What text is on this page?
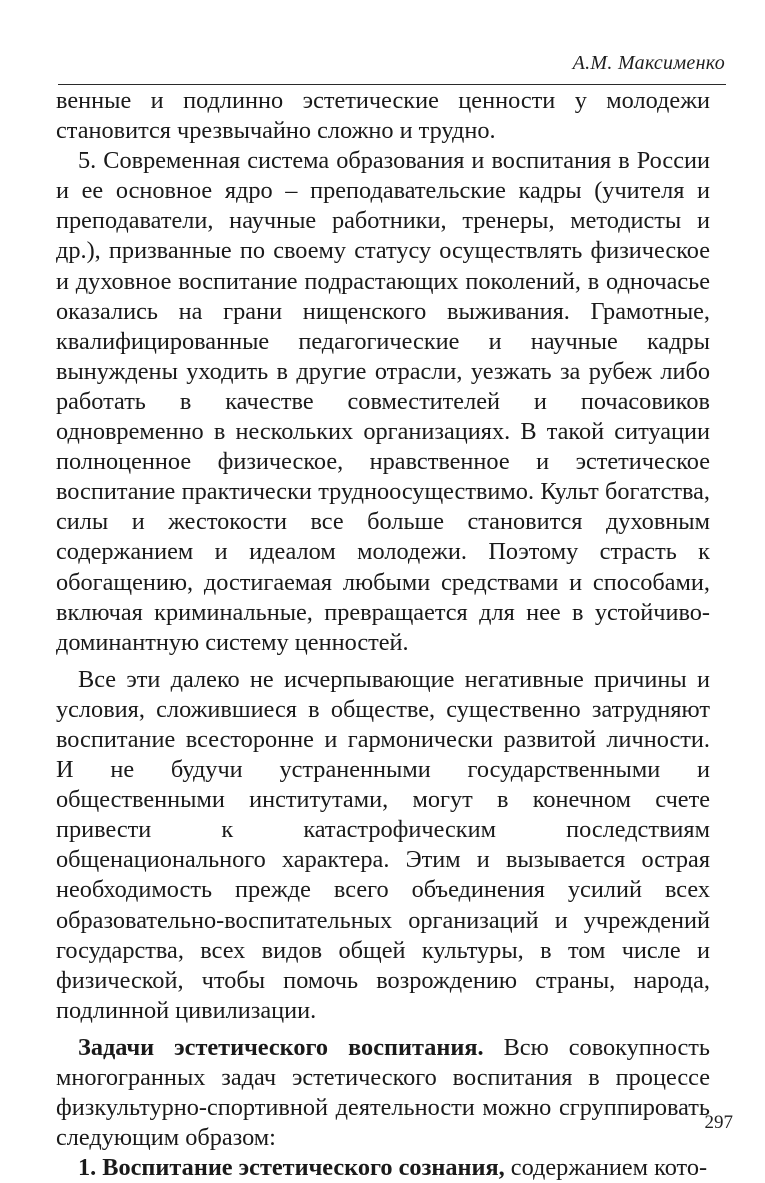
А.М. Максименко

венные и подлинно эстетические ценности у молодежи становится чрезвычайно сложно и трудно.

5. Современная система образования и воспитания в России и ее основное ядро – преподавательские кадры (учителя и преподаватели, научные работники, тренеры, методисты и др.), призванные по своему статусу осуществлять физическое и духовное воспитание подрастающих поколений, в одночасье оказались на грани нищенского выживания. Грамотные, квалифицированные педагогические и научные кадры вынуждены уходить в другие отрасли, уезжать за рубеж либо работать в качестве совместителей и почасовиков одновременно в нескольких организациях. В такой ситуации полноценное физическое, нравственное и эстетическое воспитание практически трудноосуществимо. Культ богатства, силы и жестокости все больше становится духовным содержанием и идеалом молодежи. Поэтому страсть к обогащению, достигаемая любыми средствами и способами, включая криминальные, превращается для нее в устойчиво-доминантную систему ценностей.

Все эти далеко не исчерпывающие негативные причины и условия, сложившиеся в обществе, существенно затрудняют воспитание всесторонне и гармонически развитой личности. И не будучи устраненными государственными и общественными институтами, могут в конечном счете привести к катастрофическим последствиям общенационального характера. Этим и вызывается острая необходимость прежде всего объединения усилий всех образовательно-воспитательных организаций и учреждений государства, всех видов общей культуры, в том числе и физической, чтобы помочь возрождению страны, народа, подлинной цивилизации.

Задачи эстетического воспитания. Всю совокупность многогранных задач эстетического воспитания в процессе физкультурно-спортивной деятельности можно сгруппировать следующим образом:

1. Воспитание эстетического сознания, содержанием кото-

297
